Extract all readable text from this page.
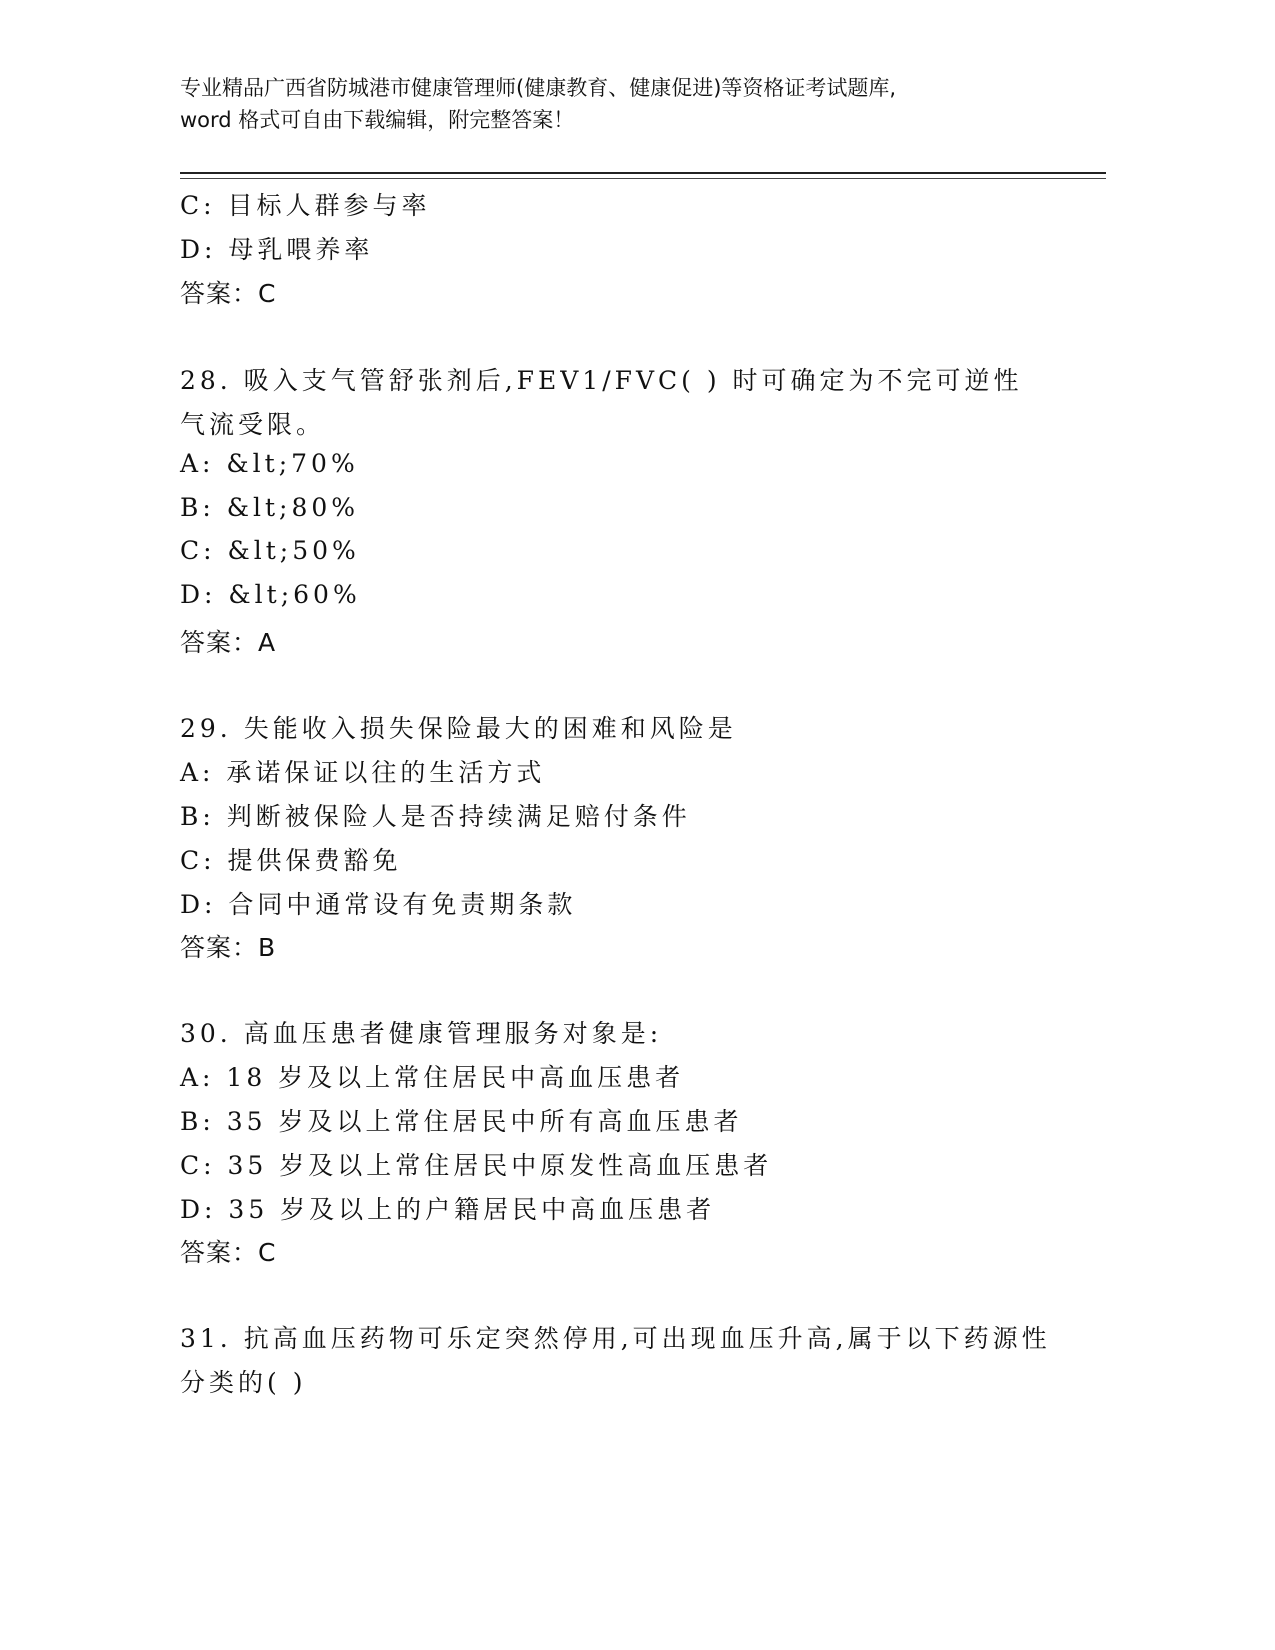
专业精品广西省防城港市健康管理师(健康教育、健康促进)等资格证考试题库,
word 格式可自由下载编辑，附完整答案！
C: 目标人群参与率
D: 母乳喂养率
答案：C
28. 吸入支气管舒张剂后,FEV1/FVC( ) 时可确定为不完可逆性
气流受限。
A: &lt;70%
B: &lt;80%
C: &lt;50%
D: &lt;60%
答案：A
29. 失能收入损失保险最大的困难和风险是
A: 承诺保证以往的生活方式
B: 判断被保险人是否持续满足赔付条件
C: 提供保费豁免
D: 合同中通常设有免责期条款
答案：B
30. 高血压患者健康管理服务对象是:
A: 18 岁及以上常住居民中高血压患者
B: 35 岁及以上常住居民中所有高血压患者
C: 35 岁及以上常住居民中原发性高血压患者
D: 35 岁及以上的户籍居民中高血压患者
答案：C
31. 抗高血压药物可乐定突然停用,可出现血压升高,属于以下药源性
分类的( )
